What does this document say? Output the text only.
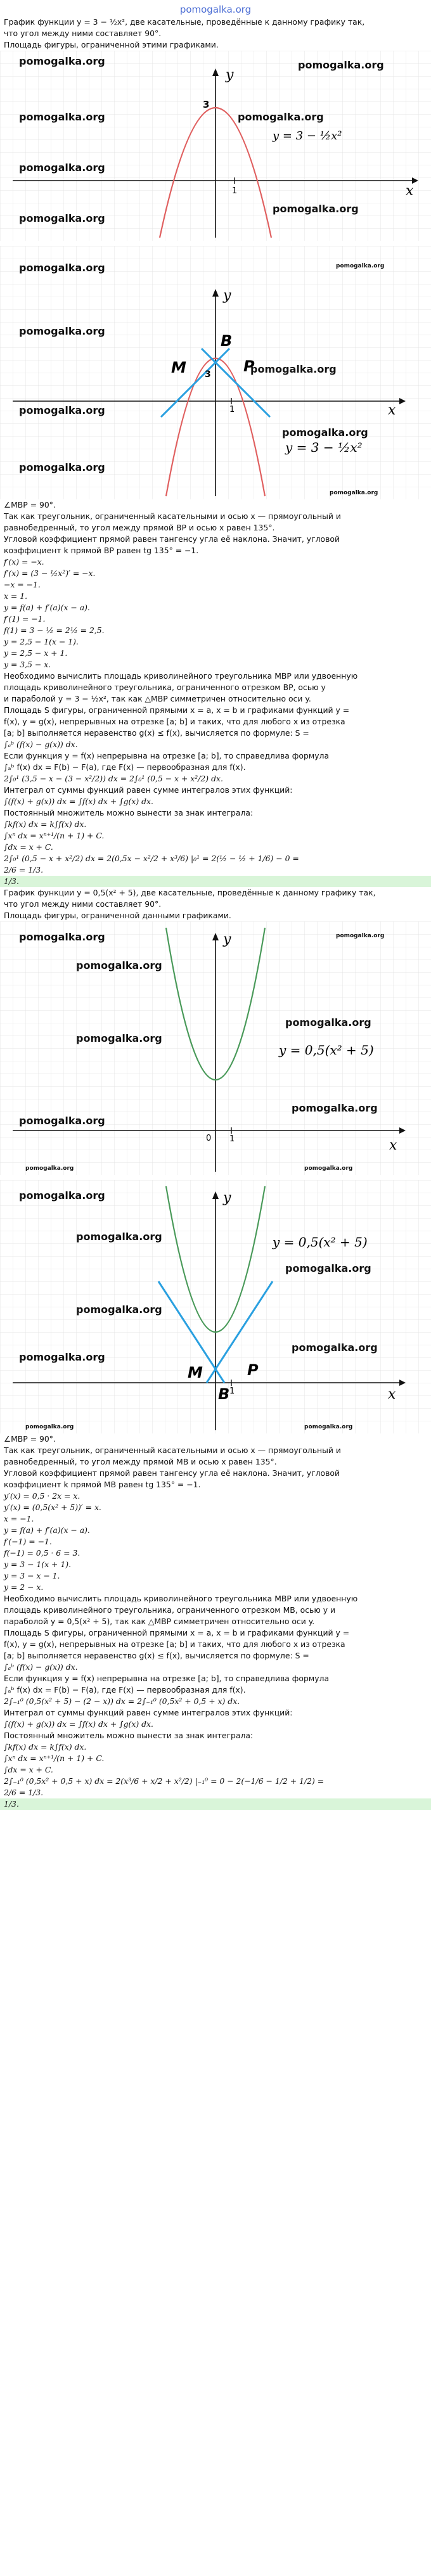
pomogalka.org
График функции y = 3 − ½x², две касательные, проведённые к данному графику так,
что угол между ними составляет 90°.
Площадь фигуры, ограниченной этими графиками.
y
x
3
1
y = 3 − ½x²
pomogalka.org	pomogalka.org
pomogalka.org	pomogalka.org
pomogalka.org
pomogalka.org
pomogalka.org
y
x
3
1
M
B
P
y = 3 − ½x²
pomogalka.org	pomogalka.org
pomogalka.org
pomogalka.org
pomogalka.org
pomogalka.org
pomogalka.org
pomogalka.org
∠MBP = 90°.
Так как треугольник, ограниченный касательными и осью x — прямоугольный и
равнобедренный, то угол между прямой BP и осью x равен 135°.
Угловой коэффициент прямой равен тангенсу угла её наклона. Значит, угловой
коэффициент k прямой BP равен tg 135° = −1.
f′(x) = −x.
f′(x) = (3 − ½x²)′ = −x.
−x = −1.
x = 1.
y = f(a) + f′(a)(x − a).
f′(1) = −1.
f(1) = 3 − ½ = 2½ = 2,5.
y = 2,5 − 1(x − 1).
y = 2,5 − x + 1.
y = 3,5 − x.
Необходимо вычислить площадь криволинейного треугольника MBP или удвоенную
площадь криволинейного треугольника, ограниченного отрезком BP, осью y
и параболой y = 3 − ½x², так как △MBP симметричен относительно оси y.
Площадь S фигуры, ограниченной прямыми x = a, x = b и графиками функций y =
f(x), y = g(x), непрерывных на отрезке [a; b] и таких, что для любого x из отрезка
[a; b] выполняется неравенство g(x) ≤ f(x), вычисляется по формуле: S =
∫ₐᵇ (f(x) − g(x)) dx.
Если функция y = f(x) непрерывна на отрезке [a; b], то справедлива формула
∫ₐᵇ f(x) dx = F(b) − F(a), где F(x) — первообразная для f(x).
2∫₀¹ (3,5 − x − (3 − x²/2)) dx = 2∫₀¹ (0,5 − x + x²/2) dx.
Интеграл от суммы функций равен сумме интегралов этих функций:
∫(f(x) + g(x)) dx = ∫f(x) dx + ∫g(x) dx.
Постоянный множитель можно вынести за знак интеграла:
∫kf(x) dx = k∫f(x) dx.
∫xⁿ dx = xⁿ⁺¹/(n + 1) + C.
∫dx = x + C.
2∫₀¹ (0,5 − x + x²/2) dx = 2(0,5x − x²/2 + x³/6) |₀¹ = 2(½ − ½ + 1/6) − 0 =
2/6 = 1/3.
1/3.
График функции y = 0,5(x² + 5), две касательные, проведённые к данному графику так,
что угол между ними составляет 90°.
Площадь фигуры, ограниченной данными графиками.
y
x
0 1
y = 0,5(x² + 5)
pomogalka.org	pomogalka.org
pomogalka.org
pomogalka.org
pomogalka.org
pomogalka.org
pomogalka.org
pomogalka.org	pomogalka.org
y
x
1
M
B
P
y = 0,5(x² + 5)
pomogalka.org
pomogalka.org
pomogalka.org
pomogalka.org
pomogalka.org
pomogalka.org
pomogalka.org	pomogalka.org
∠MBP = 90°.
Так как треугольник, ограниченный касательными и осью x — прямоугольный и
равнобедренный, то угол между прямой MB и осью x равен 135°.
Угловой коэффициент прямой равен тангенсу угла её наклона. Значит, угловой
коэффициент k прямой MB равен tg 135° = −1.
y′(x) = 0,5 · 2x = x.
y′(x) = (0,5(x² + 5))′ = x.
x = −1.
y = f(a) + f′(a)(x − a).
f′(−1) = −1.
f(−1) = 0,5 · 6 = 3.
y = 3 − 1(x + 1).
y = 3 − x − 1.
y = 2 − x.
Необходимо вычислить площадь криволинейного треугольника MBP или удвоенную
площадь криволинейного треугольника, ограниченного отрезком MB, осью y и
параболой y = 0,5(x² + 5), так как △MBP симметричен относительно оси y.
Площадь S фигуры, ограниченной прямыми x = a, x = b и графиками функций y =
f(x), y = g(x), непрерывных на отрезке [a; b] и таких, что для любого x из отрезка
[a; b] выполняется неравенство g(x) ≤ f(x), вычисляется по формуле: S =
∫ₐᵇ (f(x) − g(x)) dx.
Если функция y = f(x) непрерывна на отрезке [a; b], то справедлива формула
∫ₐᵇ f(x) dx = F(b) − F(a), где F(x) — первообразная для f(x).
2∫₋₁⁰ (0,5(x² + 5) − (2 − x)) dx = 2∫₋₁⁰ (0,5x² + 0,5 + x) dx.
Интеграл от суммы функций равен сумме интегралов этих функций:
∫(f(x) + g(x)) dx = ∫f(x) dx + ∫g(x) dx.
Постоянный множитель можно вынести за знак интеграла:
∫kf(x) dx = k∫f(x) dx.
∫xⁿ dx = xⁿ⁺¹/(n + 1) + C.
∫dx = x + C.
2∫₋₁⁰ (0,5x² + 0,5 + x) dx = 2(x³/6 + x/2 + x²/2) |₋₁⁰ = 0 − 2(−1/6 − 1/2 + 1/2) =
2/6 = 1/3.
1/3.
